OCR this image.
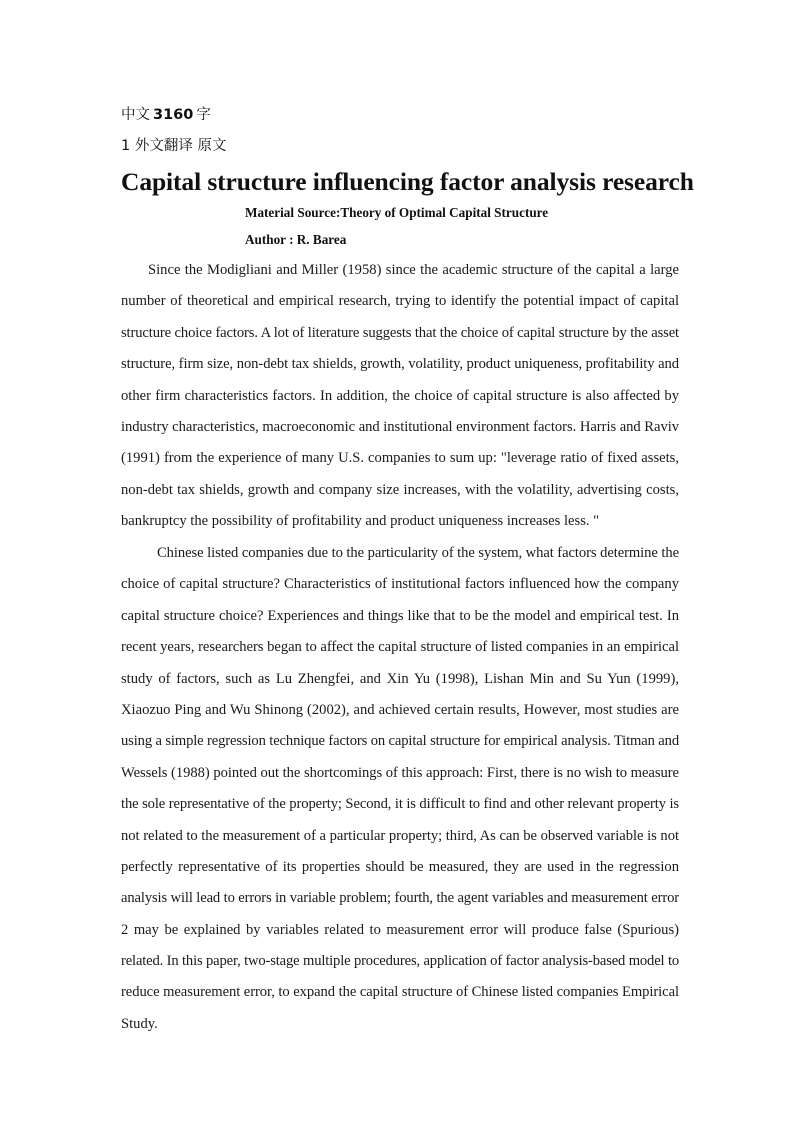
中文 3160 字
1 外文翻译 原文
Capital structure influencing factor analysis research
Material Source:Theory of Optimal Capital Structure
Author : R. Barea
Since the Modigliani and Miller (1958) since the academic structure of the capital a large
number of theoretical and empirical research, trying to identify the potential impact of capital
structure choice factors. A lot of literature suggests that the choice of capital structure by the asset
structure, firm size, non-debt tax shields, growth, volatility, product uniqueness, profitability and
other firm characteristics factors. In addition, the choice of capital structure is also affected by
industry characteristics, macroeconomic and institutional environment factors. Harris and Raviv
(1991) from the experience of many U.S. companies to sum up: "leverage ratio of fixed assets,
non-debt tax shields, growth and company size increases, with the volatility, advertising costs,
bankruptcy the possibility of profitability and product uniqueness increases less. "
Chinese listed companies due to the particularity of the system, what factors determine the
choice of capital structure? Characteristics of institutional factors influenced how the company
capital structure choice? Experiences and things like that to be the model and empirical test. In
recent years, researchers began to affect the capital structure of listed companies in an empirical
study of factors, such as Lu Zhengfei, and Xin Yu (1998), Lishan Min and Su Yun (1999),
Xiaozuo Ping and Wu Shinong (2002), and achieved certain results, However, most studies are
using a simple regression technique factors on capital structure for empirical analysis. Titman and
Wessels (1988) pointed out the shortcomings of this approach: First, there is no wish to measure
the sole representative of the property; Second, it is difficult to find and other relevant property is
not related to the measurement of a particular property; third, As can be observed variable is not
perfectly representative of its properties should be measured, they are used in the regression
analysis will lead to errors in variable problem; fourth, the agent variables and measurement error
2 may be explained by variables related to measurement error will produce false (Spurious)
related. In this paper, two-stage multiple procedures, application of factor analysis-based model to
reduce measurement error, to expand the capital structure of Chinese listed companies Empirical
Study.
